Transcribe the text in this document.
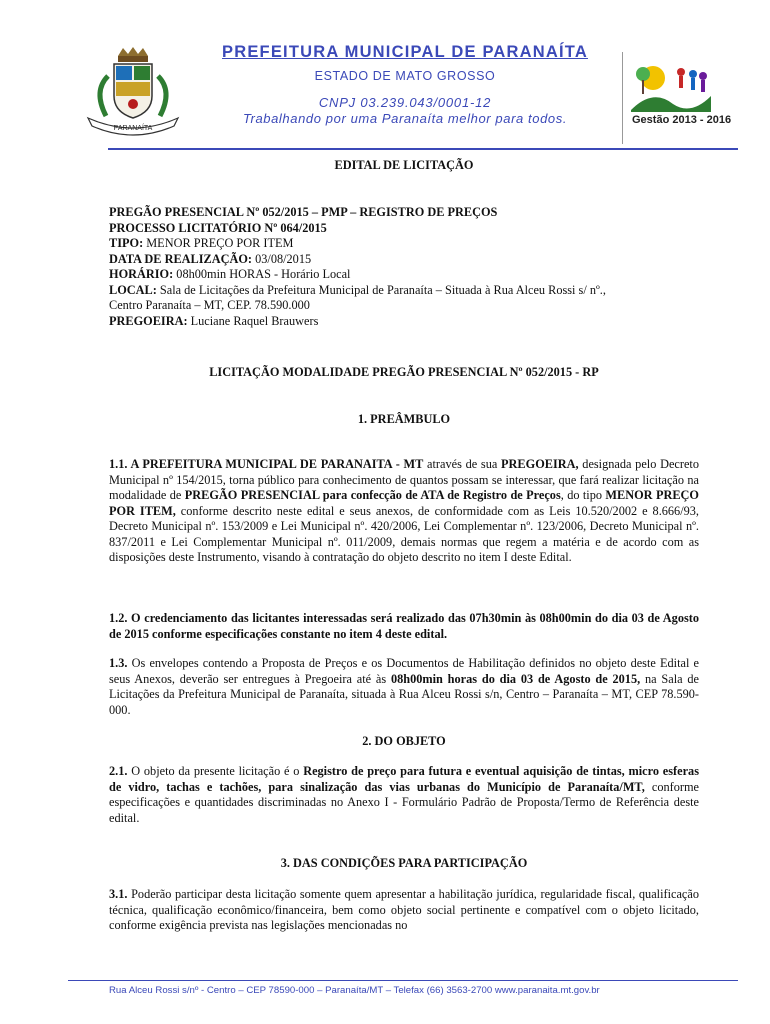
PARANAÍTA
PREFEITURA MUNICIPAL DE PARANAÍTA
ESTADO DE MATO GROSSO
CNPJ 03.239.043/0001-12
Trabalhando por uma Paranaíta melhor para todos.	Gestão 2013 - 2016
EDITAL DE LICITAÇÃO
PREGÃO PRESENCIAL Nº 052/2015 – PMP – REGISTRO DE PREÇOS
PROCESSO LICITATÓRIO Nº 064/2015
TIPO: MENOR PREÇO POR ITEM
DATA DE REALIZAÇÃO: 03/08/2015
HORÁRIO: 08h00min HORAS - Horário Local
LOCAL: Sala de Licitações da Prefeitura Municipal de Paranaíta – Situada à Rua Alceu Rossi s/ nº.,
Centro Paranaíta – MT, CEP. 78.590.000
PREGOEIRA: Luciane Raquel Brauwers
LICITAÇÃO MODALIDADE PREGÃO PRESENCIAL Nº 052/2015 - RP
1. PREÂMBULO
1.1. A PREFEITURA MUNICIPAL DE PARANAITA - MT através de sua PREGOEIRA, designada pelo Decreto Municipal nº 154/2015, torna público para conhecimento de quantos possam se interessar, que fará realizar licitação na modalidade de PREGÃO PRESENCIAL para confecção de ATA de Registro de Preços, do tipo MENOR PREÇO POR ITEM, conforme descrito neste edital e seus anexos, de conformidade com as Leis 10.520/2002 e 8.666/93, Decreto Municipal nº. 153/2009 e Lei Municipal nº. 420/2006, Lei Complementar nº. 123/2006, Decreto Municipal nº. 837/2011 e Lei Complementar Municipal nº. 011/2009, demais normas que regem a matéria e de acordo com as disposições deste Instrumento, visando à contratação do objeto descrito no item I deste Edital.
1.2. O credenciamento das licitantes interessadas será realizado das 07h30min às 08h00min do dia 03 de Agosto de 2015 conforme especificações constante no item 4 deste edital.
1.3. Os envelopes contendo a Proposta de Preços e os Documentos de Habilitação definidos no objeto deste Edital e seus Anexos, deverão ser entregues à Pregoeira até às 08h00min horas do dia 03 de Agosto de 2015, na Sala de Licitações da Prefeitura Municipal de Paranaíta, situada à Rua Alceu Rossi s/n, Centro – Paranaíta – MT, CEP 78.590-000.
2. DO OBJETO
2.1. O objeto da presente licitação é o Registro de preço para futura e eventual aquisição de tintas, micro esferas de vidro, tachas e tachões, para sinalização das vias urbanas do Município de Paranaíta/MT, conforme especificações e quantidades discriminadas no Anexo I - Formulário Padrão de Proposta/Termo de Referência deste edital.
3. DAS CONDIÇÕES PARA PARTICIPAÇÃO
3.1. Poderão participar desta licitação somente quem apresentar a habilitação jurídica, regularidade fiscal, qualificação técnica, qualificação econômico/financeira, bem como objeto social pertinente e compatível com o objeto licitado, conforme exigência prevista nas legislações mencionadas no
Rua Alceu Rossi s/nº - Centro – CEP 78590-000 – Paranaíta/MT – Telefax (66) 3563-2700 www.paranaita.mt.gov.br
